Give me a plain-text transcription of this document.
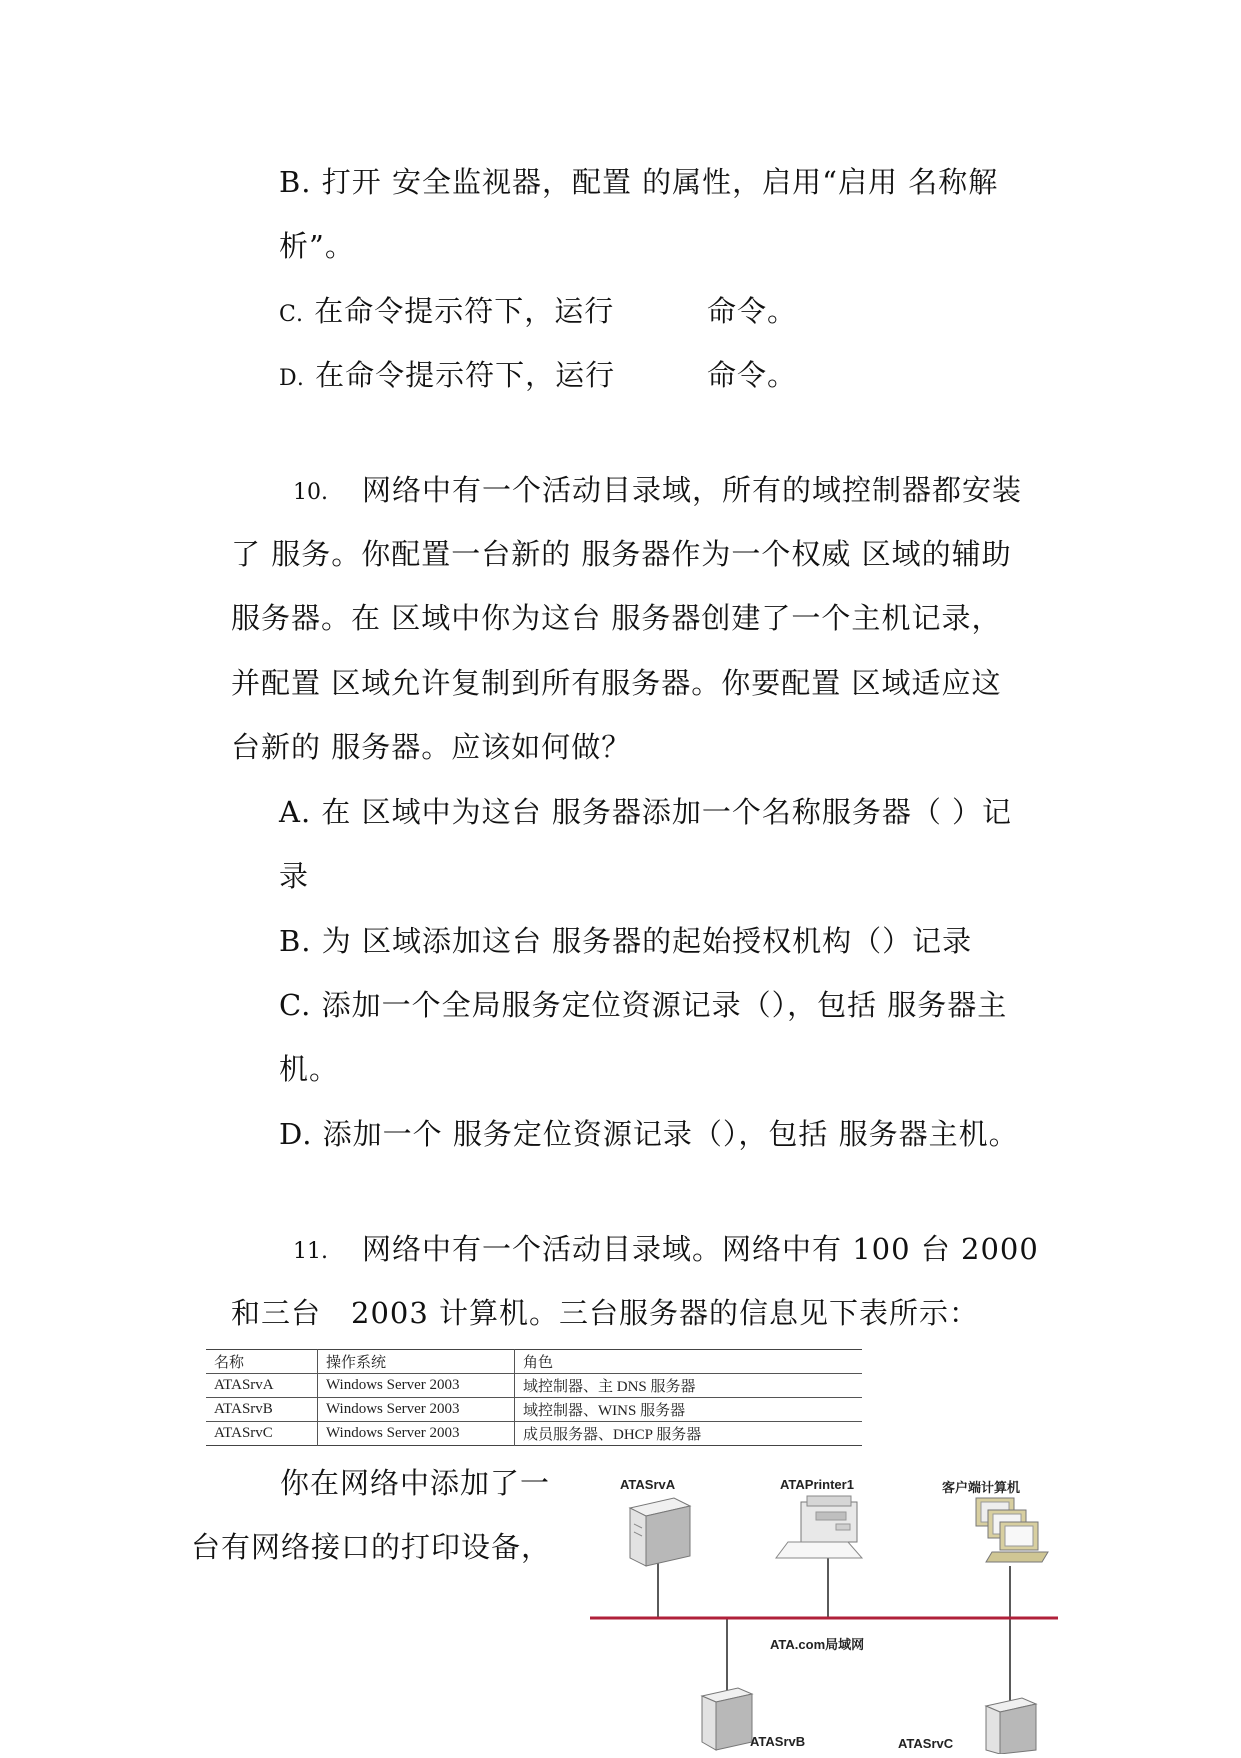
B. 打开 安全监视器，配置 的属性，启用“启用 名称解
析”。
C. 在命令提示符下，运行	命令。
D. 在命令提示符下，运行	命令。
10. 网络中有一个活动目录域，所有的域控制器都安装
了 服务。你配置一台新的 服务器作为一个权威 区域的辅助
服务器。在 区域中你为这台 服务器创建了一个主机记录，
并配置 区域允许复制到所有服务器。你要配置 区域适应这
台新的 服务器。应该如何做？
A. 在 区域中为这台 服务器添加一个名称服务器（ ）记
录
B. 为 区域添加这台 服务器的起始授权机构（）记录
C. 添加一个全局服务定位资源记录（），包括 服务器主
机。
D. 添加一个 服务定位资源记录（），包括 服务器主机。
11. 网络中有一个活动目录域。网络中有 100 台 2000
和三台　2003 计算机。三台服务器的信息见下表所示：
名称	操作系统	角色
ATASrvA	Windows Server 2003	域控制器、主 DNS 服务器
ATASrvB	Windows Server 2003	域控制器、WINS 服务器
ATASrvC	Windows Server 2003	成员服务器、DHCP 服务器
你在网络中添加了一
台有网络接口的打印设备，
ATASrvA	ATAPrinter1	客户端计算机
ATA.com局域网
ATASrvB	ATASrvC
